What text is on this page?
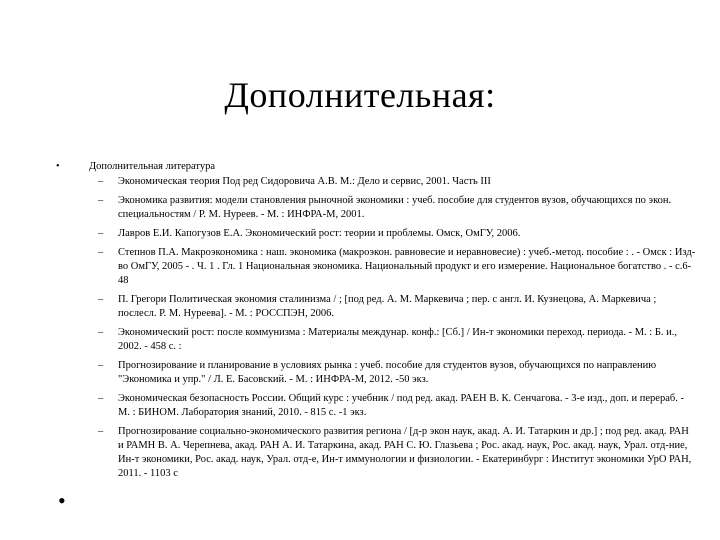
Дополнительная:
•	Дополнительная литература
– Экономическая теория Под ред Сидоровича А.В. М.: Дело и сервис, 2001. Часть III
– Экономика развития: модели становления рыночной экономики : учеб. пособие для студентов вузов, обучающихся по экон. специальностям / Р. М. Нуреев. - М. : ИНФРА-М, 2001.
– Лавров Е.И. Капогузов Е.А. Экономический рост: теории и проблемы. Омск, ОмГУ, 2006.
– Степнов П.А. Макроэкономика : наш. экономика (макроэкон. равновесие и неравновесие) : учеб.-метод. пособие : . - Омск : Изд-во ОмГУ, 2005 - . Ч. 1 . Гл. 1 Национальная экономика. Национальный продукт и его измерение. Национальное богатство . - с.6-48
– П. Грегори Политическая экономия сталинизма / ; [под ред. А. М. Маркевича ; пер. с англ. И. Кузнецова, А. Маркевича ; послесл. Р. М. Нуреева]. - М. : РОССПЭН, 2006.
– Экономический рост: после коммунизма : Материалы междунар. конф.: [Сб.] / Ин-т экономики переход. периода. - М. : Б. и., 2002. - 458 с. :
– Прогнозирование и планирование в условиях рынка : учеб. пособие для студентов вузов, обучающихся по направлению "Экономика и упр." / Л. Е. Басовский. - М. : ИНФРА-М, 2012. -50 экз.
– Экономическая безопасность России. Общий курс : учебник / под ред. акад. РАЕН В. К. Сенчагова. - 3-е изд., доп. и перераб. - М. : БИНОМ. Лаборатория знаний, 2010. - 815 с. -1 экз.
– Прогнозирование социально-экономического развития региона / [д-р экон наук, акад. А. И. Татаркин и др.] ; под ред. акад. РАН и РАМН В. А. Черепнева, акад. РАН А. И. Татаркина, акад. РАН С. Ю. Глазьева ; Рос. акад. наук, Рос. акад. наук, Урал. отд-ние, Ин-т экономики, Рос. акад. наук, Урал. отд-е, Ин-т иммунологии и физиологии. - Екатеринбург : Институт экономики УрО РАН, 2011. - 1103 с
•
